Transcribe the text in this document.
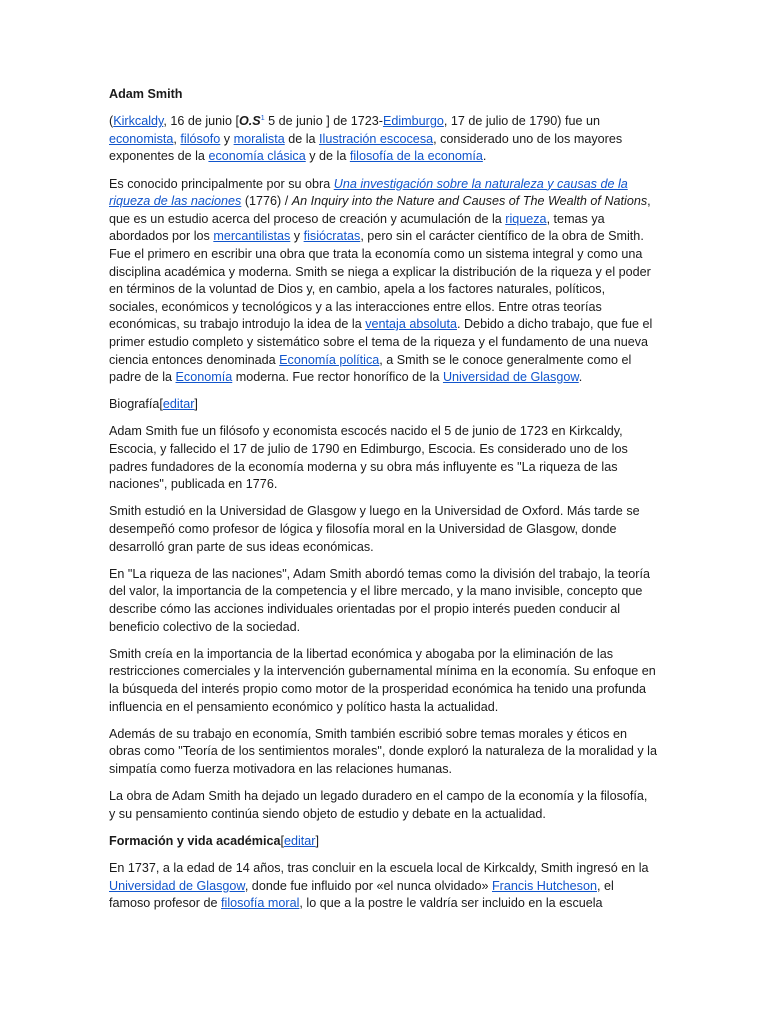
Adam Smith

(Kirkcaldy, 16 de junio [$O.S^1$ 5 de junio ] de 1723-Edimburgo, 17 de julio de 1790) fue un economista, filósofo y moralista de la Ilustración escocesa, considerado uno de los mayores exponentes de la economía clásica y de la filosofía de la economía.

Es conocido principalmente por su obra Una investigación sobre la naturaleza y causas de la riqueza de las naciones (1776) / An Inquiry into the Nature and Causes of The Wealth of Nations, que es un estudio acerca del proceso de creación y acumulación de la riqueza, temas ya abordados por los mercantilistas y fisiócratas, pero sin el carácter científico de la obra de Smith. Fue el primero en escribir una obra que trata la economía como un sistema integral y como una disciplina académica y moderna. Smith se niega a explicar la distribución de la riqueza y el poder en términos de la voluntad de Dios y, en cambio, apela a los factores naturales, políticos, sociales, económicos y tecnológicos y a las interacciones entre ellos. Entre otras teorías económicas, su trabajo introdujo la idea de la ventaja absoluta. Debido a dicho trabajo, que fue el primer estudio completo y sistemático sobre el tema de la riqueza y el fundamento de una nueva ciencia entonces denominada Economía política, a Smith se le conoce generalmente como el padre de la Economía moderna. Fue rector honorífico de la Universidad de Glasgow.

Biografía[editar]

Adam Smith fue un filósofo y economista escocés nacido el 5 de junio de 1723 en Kirkcaldy, Escocia, y fallecido el 17 de julio de 1790 en Edimburgo, Escocia. Es considerado uno de los padres fundadores de la economía moderna y su obra más influyente es "La riqueza de las naciones", publicada en 1776.

Smith estudió en la Universidad de Glasgow y luego en la Universidad de Oxford. Más tarde se desempeñó como profesor de lógica y filosofía moral en la Universidad de Glasgow, donde desarrolló gran parte de sus ideas económicas.

En "La riqueza de las naciones", Adam Smith abordó temas como la división del trabajo, la teoría del valor, la importancia de la competencia y el libre mercado, y la mano invisible, concepto que describe cómo las acciones individuales orientadas por el propio interés pueden conducir al beneficio colectivo de la sociedad.

Smith creía en la importancia de la libertad económica y abogaba por la eliminación de las restricciones comerciales y la intervención gubernamental mínima en la economía. Su enfoque en la búsqueda del interés propio como motor de la prosperidad económica ha tenido una profunda influencia en el pensamiento económico y político hasta la actualidad.

Además de su trabajo en economía, Smith también escribió sobre temas morales y éticos en obras como "Teoría de los sentimientos morales", donde exploró la naturaleza de la moralidad y la simpatía como fuerza motivadora en las relaciones humanas.

La obra de Adam Smith ha dejado un legado duradero en el campo de la economía y la filosofía, y su pensamiento continúa siendo objeto de estudio y debate en la actualidad.

Formación y vida académica[editar]

En 1737, a la edad de 14 años, tras concluir en la escuela local de Kirkcaldy, Smith ingresó en la Universidad de Glasgow, donde fue influido por «el nunca olvidado» Francis Hutcheson, el famoso profesor de filosofía moral, lo que a la postre le valdría ser incluido en la escuela
